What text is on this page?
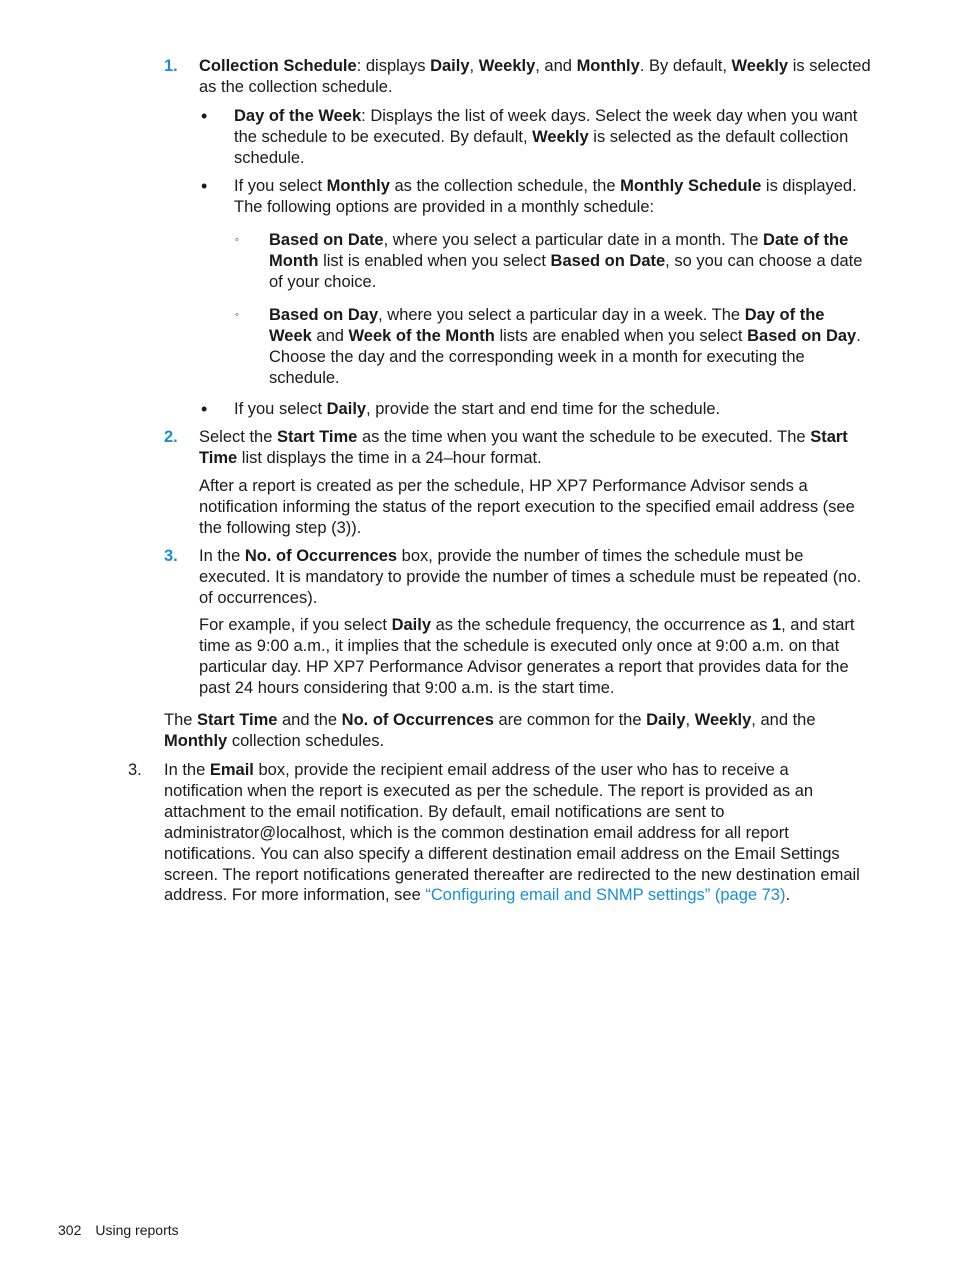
1. Collection Schedule: displays Daily, Weekly, and Monthly. By default, Weekly is selected as the collection schedule.
• Day of the Week: Displays the list of week days. Select the week day when you want the schedule to be executed. By default, Weekly is selected as the default collection schedule.
• If you select Monthly as the collection schedule, the Monthly Schedule is displayed. The following options are provided in a monthly schedule:
◦ Based on Date, where you select a particular date in a month. The Date of the Month list is enabled when you select Based on Date, so you can choose a date of your choice.
◦ Based on Day, where you select a particular day in a week. The Day of the Week and Week of the Month lists are enabled when you select Based on Day. Choose the day and the corresponding week in a month for executing the schedule.
• If you select Daily, provide the start and end time for the schedule.
2. Select the Start Time as the time when you want the schedule to be executed. The Start Time list displays the time in a 24–hour format.
After a report is created as per the schedule, HP XP7 Performance Advisor sends a notification informing the status of the report execution to the specified email address (see the following step (3)).
3. In the No. of Occurrences box, provide the number of times the schedule must be executed. It is mandatory to provide the number of times a schedule must be repeated (no. of occurrences).
For example, if you select Daily as the schedule frequency, the occurrence as 1, and start time as 9:00 a.m., it implies that the schedule is executed only once at 9:00 a.m. on that particular day. HP XP7 Performance Advisor generates a report that provides data for the past 24 hours considering that 9:00 a.m. is the start time.
The Start Time and the No. of Occurrences are common for the Daily, Weekly, and the Monthly collection schedules.
3. In the Email box, provide the recipient email address of the user who has to receive a notification when the report is executed as per the schedule. The report is provided as an attachment to the email notification. By default, email notifications are sent to administrator@localhost, which is the common destination email address for all report notifications. You can also specify a different destination email address on the Email Settings screen. The report notifications generated thereafter are redirected to the new destination email address. For more information, see “Configuring email and SNMP settings” (page 73).
302 Using reports
